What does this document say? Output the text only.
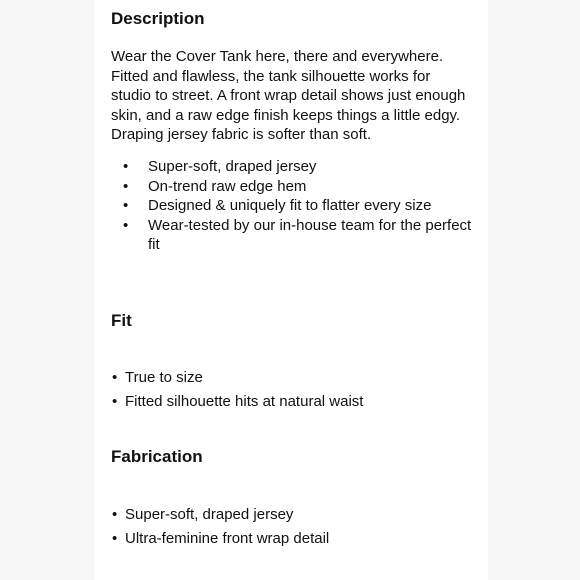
Description

Wear the Cover Tank here, there and everywhere. Fitted and flawless, the tank silhouette works for studio to street. A front wrap detail shows just enough skin, and a raw edge finish keeps things a little edgy. Draping jersey fabric is softer than soft.

• Super-soft, draped jersey
• On-trend raw edge hem
• Designed & uniquely fit to flatter every size
• Wear-tested by our in-house team for the perfect fit
Fit
• True to size
• Fitted silhouette hits at natural waist
Fabrication
• Super-soft, draped jersey
• Ultra-feminine front wrap detail
